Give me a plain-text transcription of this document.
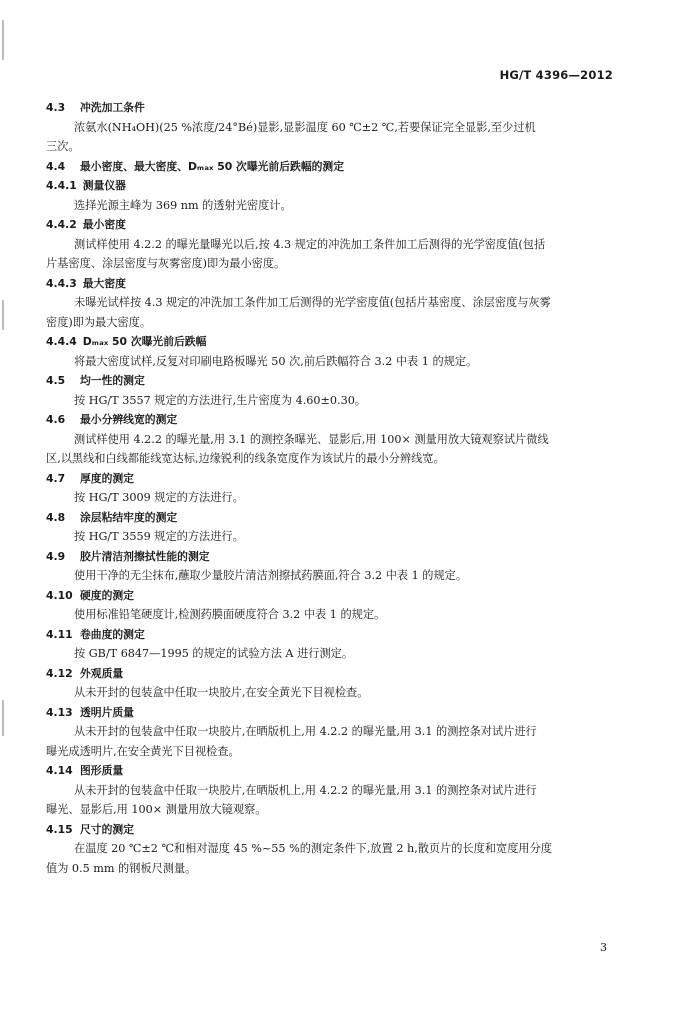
HG/T 4396—2012
4.3 冲洗加工条件
浓氨水(NH₄OH)(25 %浓度/24°Bé)显影,显影温度 60 ℃±2 ℃,若要保证完全显影,至少过机
三次。
4.4 最小密度、最大密度、Dₘₐₓ 50 次曝光前后跌幅的测定
4.4.1 测量仪器
选择光源主峰为 369 nm 的透射光密度计。
4.4.2 最小密度
测试样使用 4.2.2 的曝光量曝光以后,按 4.3 规定的冲洗加工条件加工后测得的光学密度值(包括
片基密度、涂层密度与灰雾密度)即为最小密度。
4.4.3 最大密度
未曝光试样按 4.3 规定的冲洗加工条件加工后测得的光学密度值(包括片基密度、涂层密度与灰雾
密度)即为最大密度。
4.4.4 Dₘₐₓ 50 次曝光前后跌幅
将最大密度试样,反复对印刷电路板曝光 50 次,前后跌幅符合 3.2 中表 1 的规定。
4.5 均一性的测定
按 HG/T 3557 规定的方法进行,生片密度为 4.60±0.30。
4.6 最小分辨线宽的测定
测试样使用 4.2.2 的曝光量,用 3.1 的测控条曝光、显影后,用 100× 测量用放大镜观察试片微线
区,以黑线和白线都能线宽达标,边缘锐利的线条宽度作为该试片的最小分辨线宽。
4.7 厚度的测定
按 HG/T 3009 规定的方法进行。
4.8 涂层粘结牢度的测定
按 HG/T 3559 规定的方法进行。
4.9 胶片清洁剂擦拭性能的测定
使用干净的无尘抹布,蘸取少量胶片清洁剂擦拭药膜面,符合 3.2 中表 1 的规定。
4.10 硬度的测定
使用标准铅笔硬度计,检测药膜面硬度符合 3.2 中表 1 的规定。
4.11 卷曲度的测定
按 GB/T 6847—1995 的规定的试验方法 A 进行测定。
4.12 外观质量
从未开封的包装盒中任取一块胶片,在安全黄光下目视检查。
4.13 透明片质量
从未开封的包装盒中任取一块胶片,在晒版机上,用 4.2.2 的曝光量,用 3.1 的测控条对试片进行
曝光成透明片,在安全黄光下目视检查。
4.14 图形质量
从未开封的包装盒中任取一块胶片,在晒版机上,用 4.2.2 的曝光量,用 3.1 的测控条对试片进行
曝光、显影后,用 100× 测量用放大镜观察。
4.15 尺寸的测定
在温度 20 ℃±2 ℃和相对湿度 45 %~55 %的测定条件下,放置 2 h,散页片的长度和宽度用分度
值为 0.5 mm 的钢板尺测量。
3
